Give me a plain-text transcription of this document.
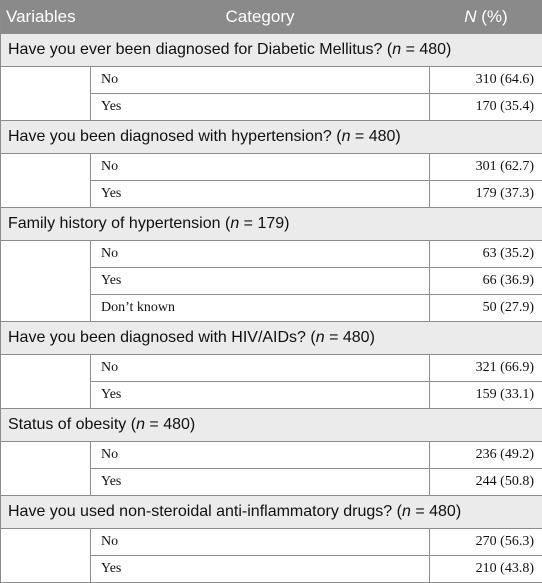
Variables	Category	N (%)
Have you ever been diagnosed for Diabetic Mellitus? (n = 480)		
	No	310 (64.6)
	Yes	170 (35.4)
Have you been diagnosed with hypertension? (n = 480)		
	No	301 (62.7)
	Yes	179 (37.3)
Family history of hypertension (n = 179)		
	No	63 (35.2)
	Yes	66 (36.9)
	Don’t known	50 (27.9)
Have you been diagnosed with HIV/AIDs? (n = 480)		
	No	321 (66.9)
	Yes	159 (33.1)
Status of obesity (n = 480)		
	No	236 (49.2)
	Yes	244 (50.8)
Have you used non-steroidal anti-inflammatory drugs? (n = 480)		
	No	270 (56.3)
	Yes	210 (43.8)
